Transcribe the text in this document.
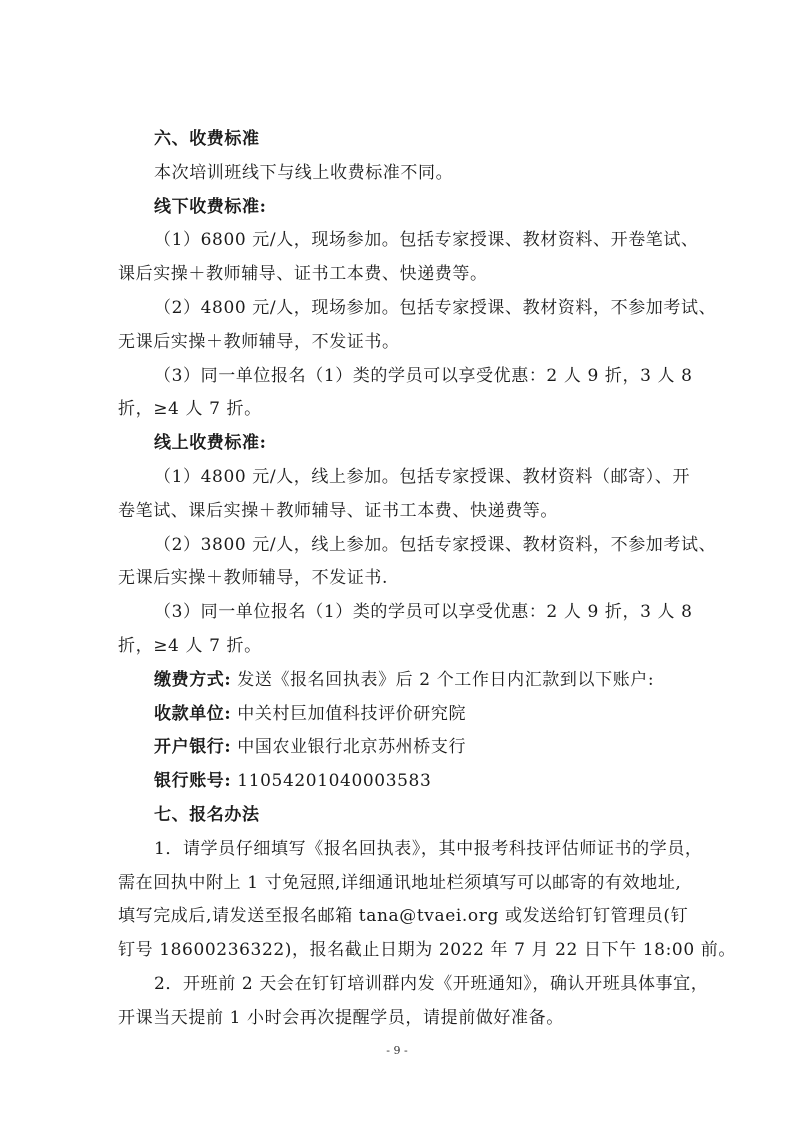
六、收费标准
本次培训班线下与线上收费标准不同。
线下收费标准:
（1）6800 元/人，现场参加。包括专家授课、教材资料、开卷笔试、
课后实操＋教师辅导、证书工本费、快递费等。
（2）4800 元/人，现场参加。包括专家授课、教材资料，不参加考试、
无课后实操＋教师辅导，不发证书。
（3）同一单位报名（1）类的学员可以享受优惠：2 人 9 折，3 人 8
折，≥4 人 7 折。
线上收费标准:
（1）4800 元/人，线上参加。包括专家授课、教材资料（邮寄）、开
卷笔试、课后实操＋教师辅导、证书工本费、快递费等。
（2）3800 元/人，线上参加。包括专家授课、教材资料，不参加考试、
无课后实操＋教师辅导，不发证书.
（3）同一单位报名（1）类的学员可以享受优惠：2 人 9 折，3 人 8
折，≥4 人 7 折。
缴费方式: 发送《报名回执表》后 2 个工作日内汇款到以下账户:
收款单位: 中关村巨加值科技评价研究院
开户银行: 中国农业银行北京苏州桥支行
银行账号: 11054201040003583
七、报名办法
1．请学员仔细填写《报名回执表》，其中报考科技评估师证书的学员，
需在回执中附上 1 寸免冠照,详细通讯地址栏须填写可以邮寄的有效地址,
填写完成后,请发送至报名邮箱 tana@tvaei.org 或发送给钉钉管理员(钉
钉号 18600236322)，报名截止日期为 2022 年 7 月 22 日下午 18:00 前。
2．开班前 2 天会在钉钉培训群内发《开班通知》，确认开班具体事宜，
开课当天提前 1 小时会再次提醒学员，请提前做好准备。
- 9 -
